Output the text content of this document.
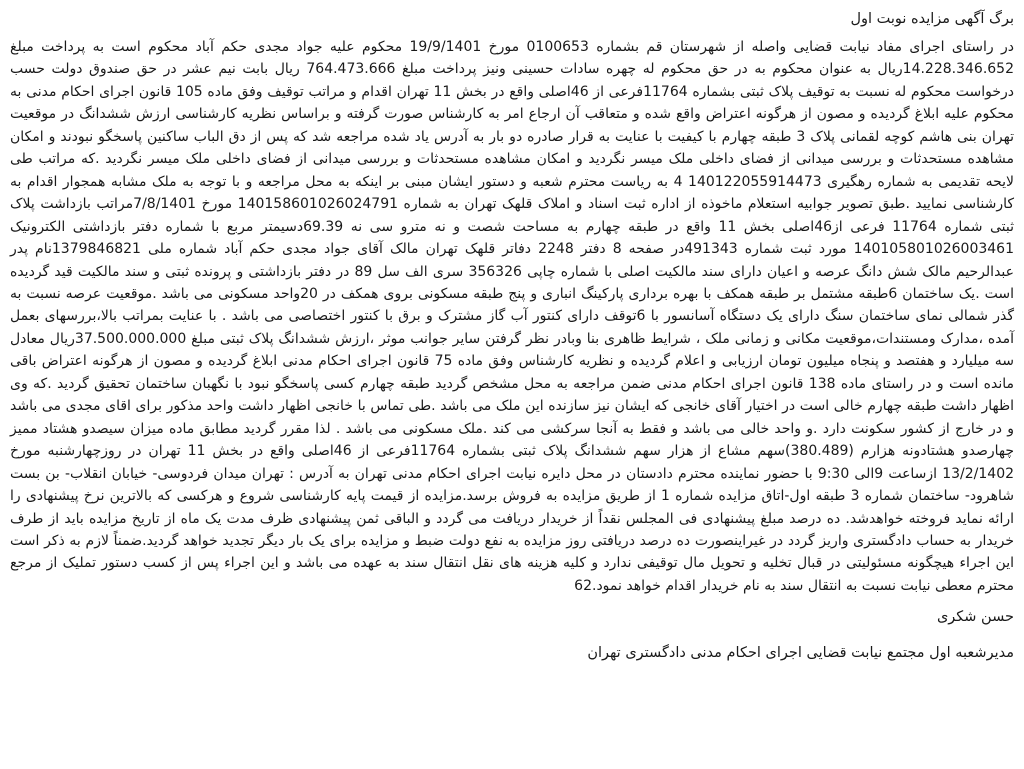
برگ آگهی مزایده نوبت اول

در راستای اجرای مفاد نیابت قضایی واصله از شهرستان قم بشماره 0100653 مورخ 19/9/1401 محکوم علیه جواد مجدی حکم آباد محکوم است به پرداخت مبلغ 14.228.346.652ریال به عنوان محکوم به در حق محکوم له چهره سادات حسینی ونیز پرداخت مبلغ 764.473.666 ریال بابت نیم عشر در حق صندوق دولت حسب درخواست محکوم له نسبت به توقیف پلاک ثبتی بشماره 11764فرعی از 46اصلی واقع در بخش 11 تهران اقدام و مراتب توقیف وفق ماده 105 قانون اجرای احکام مدنی به محکوم علیه ابلاغ گردیده و مصون از هرگونه اعتراض واقع شده و متعاقب آن ارجاع امر به کارشناس صورت گرفته و براساس نظریه کارشناسی ارزش ششدانگ در موقعیت تهران بنی هاشم کوچه لقمانی پلاک 3 طبقه چهارم با کیفیت با عنایت به قرار صادره دو بار به آدرس یاد شده مراجعه شد که پس از دق الباب ساکنین پاسخگو نبودند و امکان مشاهده مستحدثات و بررسی میدانی از فضای داخلی ملک میسر نگردید و امکان مشاهده مستحدثات و بررسی میدانی از فضای داخلی ملک میسر نگردید .که مراتب طی لایحه تقدیمی به شماره رهگیری 140122055914473 4 به ریاست محترم شعبه و دستور ایشان مبنی بر اینکه به محل مراجعه و با توجه به ملک مشابه همجوار اقدام به کارشناسی نمایید .طبق تصویر جوابیه استعلام ماخوذه از اداره ثبت اسناد و املاک قلهک تهران به شماره 140158601026024791 مورخ 7/8/1401مراتب بازداشت پلاک ثبتی شماره 11764 فرعی از46اصلی بخش 11 واقع در طبقه چهارم به مساحت شصت و نه مترو سی نه 69.39دسیمتر مربع با شماره دفتر بازداشتی الکترونیک 140105801026003461 مورد ثبت شماره 491343در صفحه 8 دفتر 2248 دفاتر قلهک تهران مالک آقای جواد مجدی حکم آباد شماره ملی 1379846821نام پدر عبدالرحیم مالک شش دانگ عرصه و اعیان دارای سند مالکیت اصلی با شماره چاپی 356326 سری الف سل 89 در دفتر بازداشتی و پرونده ثبتی و سند مالکیت قید گردیده است .یک ساختمان 6طبقه مشتمل بر طبقه همکف با بهره برداری پارکینگ انباری و پنج طبقه مسکونی بروی همکف در 20واحد مسکونی می باشد .موقعیت عرصه نسبت به گذر شمالی نمای ساختمان سنگ دارای یک دستگاه آسانسور با 6توقف دارای کنتور آب گاز مشترک و برق با کنتور اختصاصی می باشد . با عنایت بمراتب بالا،بررسهای بعمل آمده ،مدارک ومستندات،موقعیت مکانی و زمانی ملک ، شرایط ظاهری بنا وبادر نظر گرفتن سایر جوانب موثر ،ارزش ششدانگ پلاک ثبتی مبلغ 37.500.000.000ریال معادل سه میلیارد و هفتصد و پنجاه میلیون تومان ارزیابی و اعلام گردیده و نظریه کارشناس وفق ماده 75 قانون اجرای احکام مدنی ابلاغ گردیده و مصون از هرگونه اعتراض باقی مانده است و در راستای ماده 138 قانون اجرای احکام مدنی ضمن مراجعه به محل مشخص گردید طبقه چهارم کسی پاسخگو نبود با نگهبان ساختمان تحقیق گردید .که وی اظهار داشت طبقه چهارم خالی است در اختیار آقای خانجی که ایشان نیز سازنده این ملک می باشد .طی تماس با خانجی اظهار داشت واحد مذکور برای اقای مجدی می باشد و در خارج از کشور سکونت دارد .و واحد خالی می باشد و فقط به آنجا سرکشی می کند .ملک مسکونی می باشد . لذا مقرر گردید مطابق ماده میزان سیصدو هشتاد ممیز چهارصدو هشتادونه هزارم (380.489)سهم مشاع از هزار سهم ششدانگ پلاک ثبتی بشماره 11764فرعی از 46اصلی واقع در بخش 11 تهران در روزچهارشنبه مورخ 13/2/1402 ازساعت 9الی 9:30 با حضور نماینده محترم دادستان در محل دایره نیابت اجرای احکام مدنی تهران به آدرس : تهران میدان فردوسی- خیابان انقلاب- بن بست شاهرود- ساختمان شماره 3 طبقه اول-اتاق مزایده شماره 1 از طریق مزایده به فروش برسد.مزایده از قیمت پایه کارشناسی شروع و هرکسی که بالاترین نرخ پیشنهادی را ارائه نماید فروخته خواهدشد. ده درصد مبلغ پیشنهادی فی المجلس نقداً از خریدار دریافت می گردد و الباقی ثمن پیشنهادی ظرف مدت یک ماه از تاریخ مزایده باید از طرف خریدار به حساب دادگستری واریز گردد در غیراینصورت ده درصد دریافتی روز مزایده به نفع دولت ضبط و مزایده برای یک بار دیگر تجدید خواهد گردید.ضمناً لازم به ذکر است این اجراء هیچگونه مسئولیتی در قبال تخلیه و تحویل مال توقیفی ندارد و کلیه هزینه های نقل انتقال سند به عهده می باشد و این اجراء پس از کسب دستور تملیک از مرجع محترم معطی نیابت نسبت به انتقال سند به نام خریدار اقدام خواهد نمود.62

حسن شکری
مدیرشعبه اول مجتمع نیابت قضایی اجرای احکام مدنی دادگستری تهران
